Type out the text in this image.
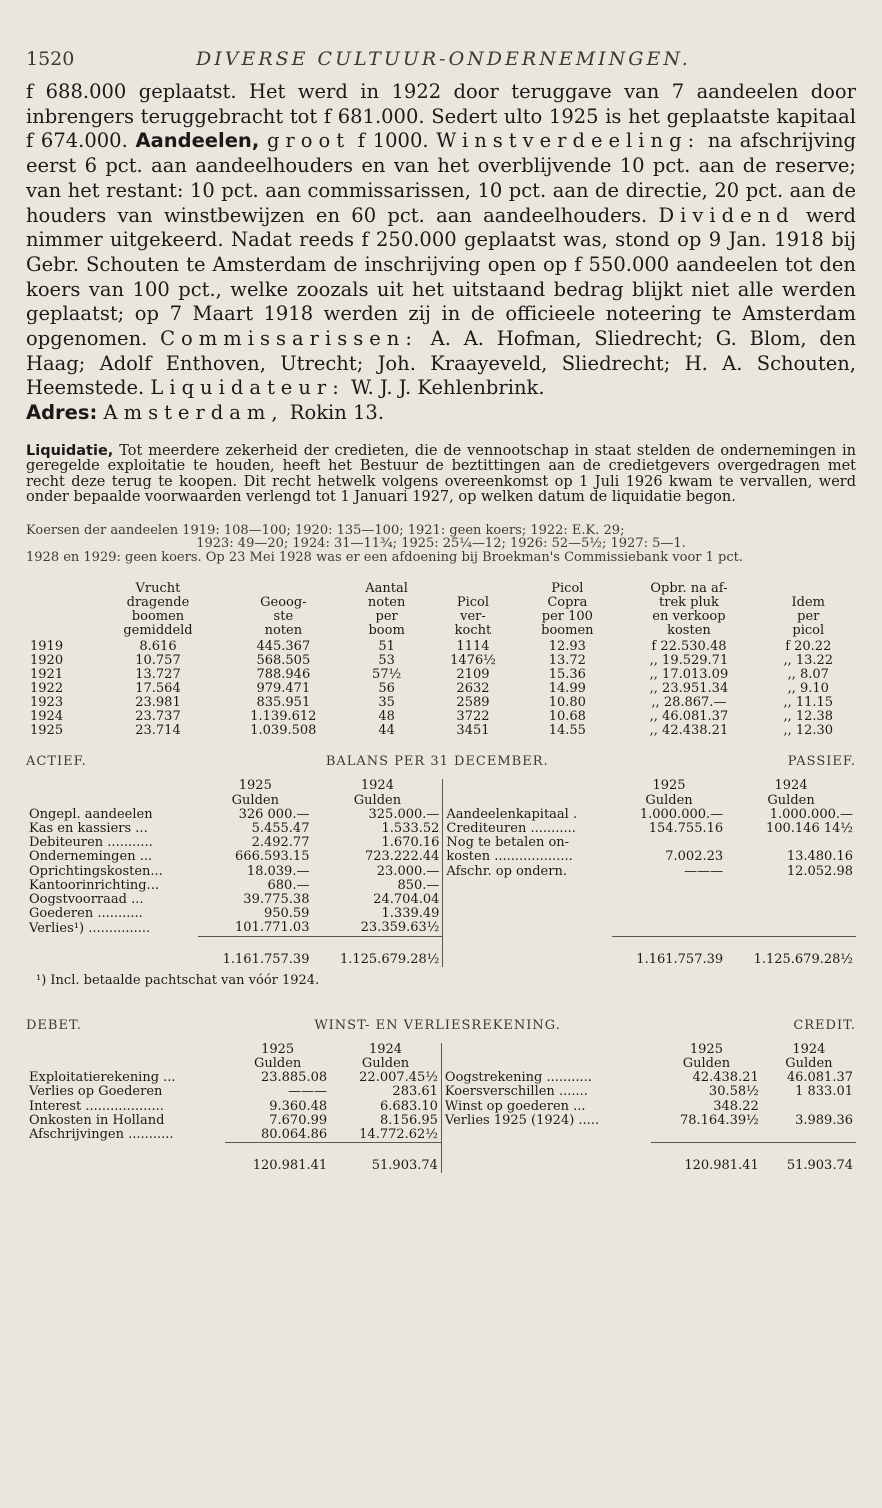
1520	DIVERSE CULTUUR-ONDERNEMINGEN.

f 688.000 geplaatst. Het werd in 1922 door teruggave van 7 aandeelen door inbrengers teruggebracht tot f 681.000. Sedert ulto 1925 is het geplaatste kapitaal f 674.000. Aandeelen, groot f 1000. Winstverdeeling: na afschrijving eerst 6 pct. aan aandeelhouders en van het overblijvende 10 pct. aan de reserve; van het restant: 10 pct. aan commissarissen, 10 pct. aan de directie, 20 pct. aan de houders van winstbewijzen en 60 pct. aan aandeelhouders. Dividend werd nimmer uitgekeerd. Nadat reeds f 250.000 geplaatst was, stond op 9 Jan. 1918 bij Gebr. Schouten te Amsterdam de inschrijving open op f 550.000 aandeelen tot den koers van 100 pct., welke zoozals uit het uitstaand bedrag blijkt niet alle werden geplaatst; op 7 Maart 1918 werden zij in de officieele noteering te Amsterdam opgenomen. Commissarissen: A. A. Hofman, Sliedrecht; G. Blom, den Haag; Adolf Enthoven, Utrecht; Joh. Kraayeveld, Sliedrecht; H. A. Schouten, Heemstede. Liquidateur: W. J. J. Kehlenbrink.

Adres: Amsterdam, Rokin 13.

Liquidatie, Tot meerdere zekerheid der credieten, die de vennootschap in staat stelden de ondernemingen in geregelde exploitatie te houden, heeft het Bestuur de beztittingen aan de credietgevers overgedragen met recht deze terug te koopen. Dit recht hetwelk volgens overeenkomst op 1 Juli 1926 kwam te vervallen, werd onder bepaalde voorwaarden verlengd tot 1 Januari 1927, op welken datum de liquidatie begon.

Koersen der aandeelen 1919: 108—100; 1920: 135—100; 1921: geen koers; 1922: E.K. 29;

1923: 49—20; 1924: 31—11¾; 1925: 25¼—12; 1926: 52—5½; 1927: 5—1.

1928 en 1929: geen koers. Op 23 Mei 1928 was er een afdoening bij Broekman's Commissiebank voor 1 pct.

	Vrucht		Aantal		Picol	Opbr. na af-	
	dragende	Geoog-	noten	Picol	Copra	trek pluk	Idem
	boomen	ste	per	ver-	per 100	en verkoop	per
	gemiddeld	noten	boom	kocht	boomen	kosten	picol
1919	8.616	445.367	51	1114	12.93	f 22.530.48	f 20.22
1920	10.757	568.505	53	1476½	13.72	,, 19.529.71	,, 13.22
1921	13.727	788.946	57½	2109	15.36	,, 17.013.09	,, 8.07
1922	17.564	979.471	56	2632	14.99	,, 23.951.34	,, 9.10
1923	23.981	835.951	35	2589	10.80	,, 28.867.—	,, 11.15
1924	23.737	1.139.612	48	3722	10.68	,, 46.081.37	,, 12.38
1925	23.714	1.039.508	44	3451	14.55	,, 42.438.21	,, 12.30
ACTIEF.	BALANS PER 31 DECEMBER.	PASSIEF.
	1925	1924		1925	1924
	Gulden	Gulden		Gulden	Gulden
Ongepl. aandeelen	326 000.—	325.000.—	Aandeelenkapitaal .	1.000.000.—	1.000.000.—
Kas en kassiers ...	5.455.47	1.533.52	Crediteuren ...........	154.755.16	100.146 14½
Debiteuren ...........	2.492.77	1.670.16	Nog te betalen on-		
Ondernemingen ...	666.593.15	723.222.44	kosten ...................	7.002.23	13.480.16
Oprichtingskosten...	18.039.—	23.000.—	Afschr. op ondern.	———	12.052.98
Kantoorinrichting...	680.—	850.—			
Oogstvoorraad ...	39.775.38	24.704.04			
Goederen ...........	950.59	1.339.49			
Verlies¹) ...............	101.771.03	23.359.63½			
	1.161.757.39	1.125.679.28½		1.161.757.39	1.125.679.28½
¹) Incl. betaalde pachtschat van vóór 1924.
DEBET.	WINST- EN VERLIESREKENING.	CREDIT.
	1925	1924		1925	1924
	Gulden	Gulden		Gulden	Gulden
Exploitatierekening ...	23.885.08	22.007.45½	Oogstrekening ...........	42.438.21	46.081.37
Verlies op Goederen	———	283.61	Koersverschillen .......	30.58½	1 833.01
Interest ...................	9.360.48	6.683.10	Winst op goederen ...	348.22	
Onkosten in Holland	7.670.99	8.156.95	Verlies 1925 (1924) .....	78.164.39½	3.989.36
Afschrijvingen ...........	80.064.86	14.772.62½			
	120.981.41	51.903.74		120.981.41	51.903.74
